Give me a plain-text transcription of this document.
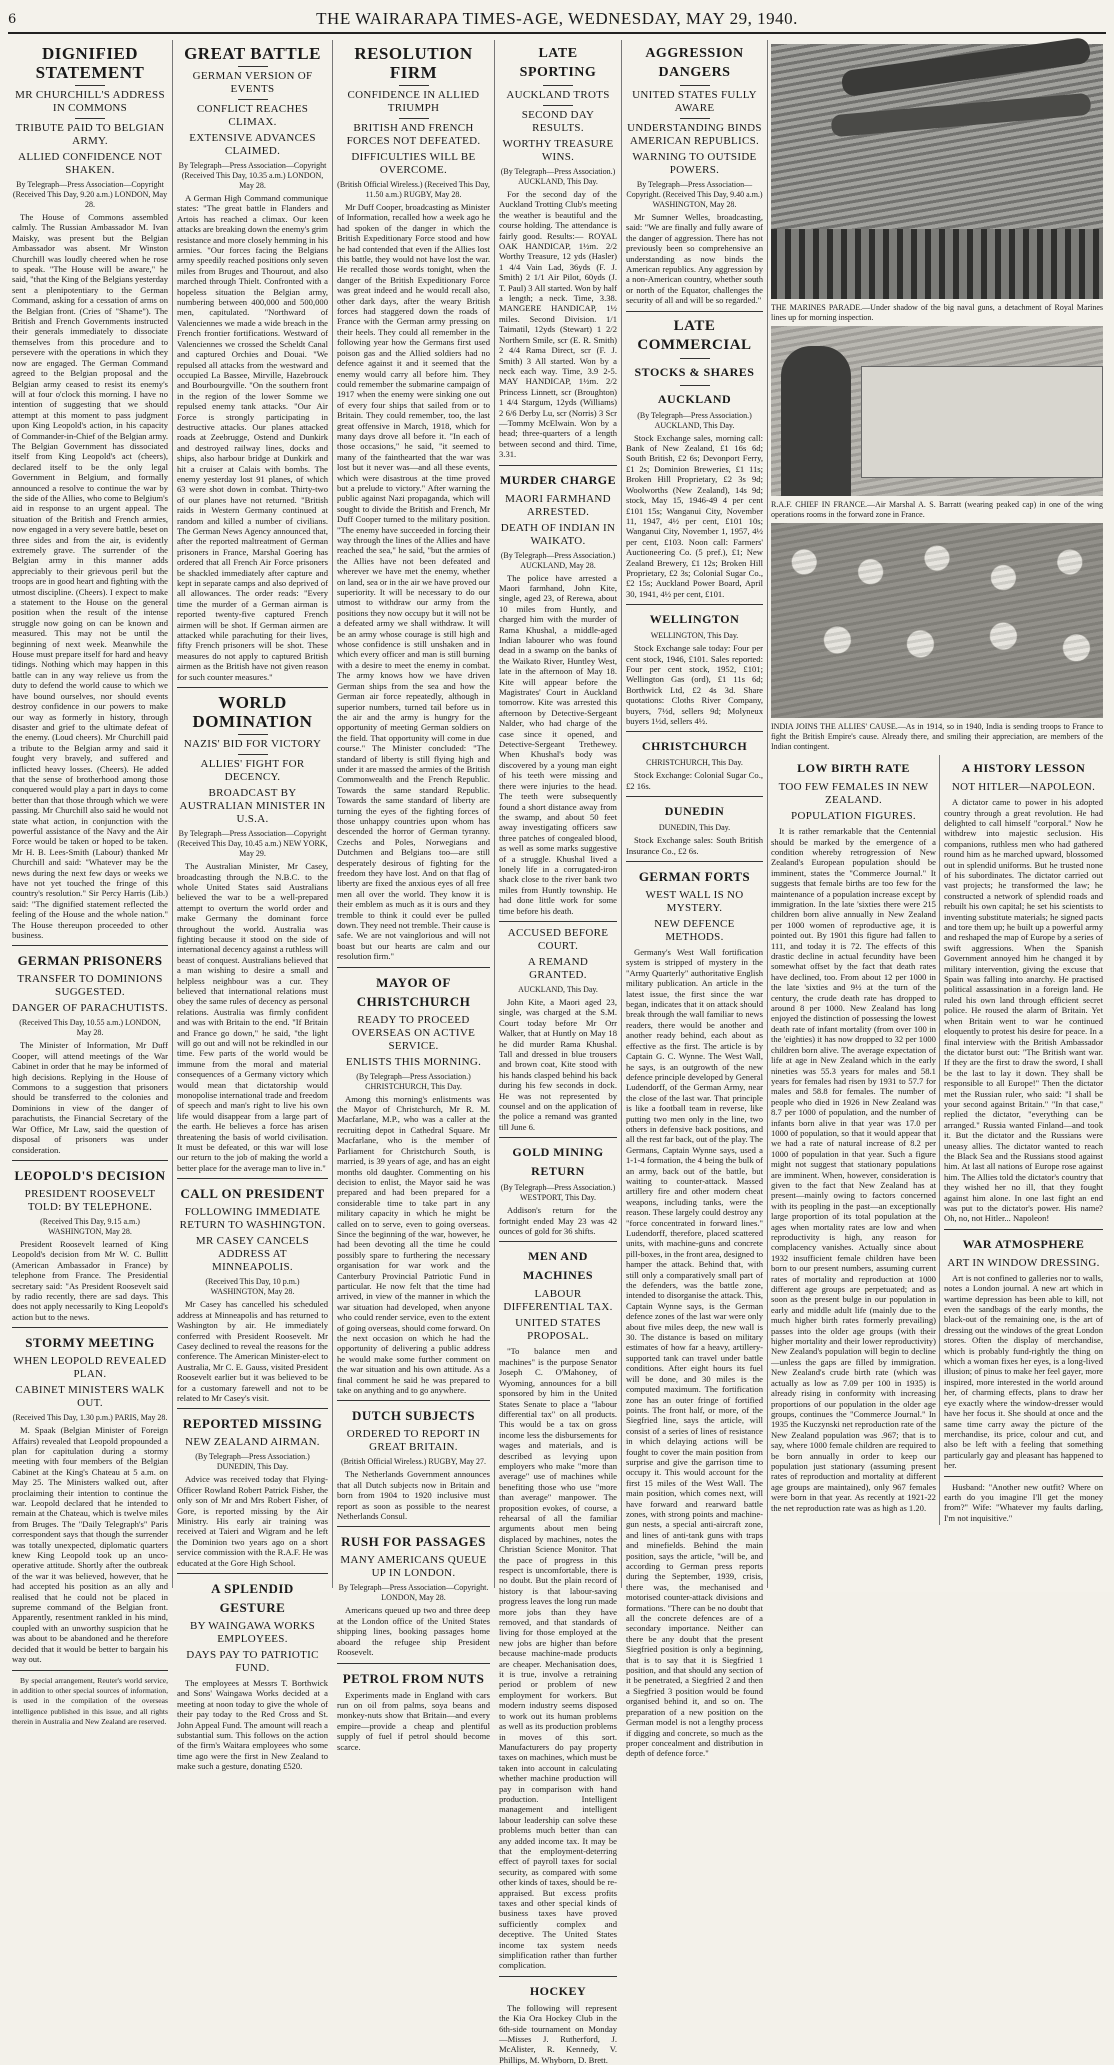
6	THE WAIRARAPA TIMES-AGE, WEDNESDAY, MAY 29, 1940.
DIGNIFIED STATEMENT
MR CHURCHILL'S ADDRESS IN COMMONS
TRIBUTE PAID TO BELGIAN ARMY.
ALLIED CONFIDENCE NOT SHAKEN.
By Telegraph—Press Association—Copyright (Received This Day, 9.20 a.m.) LONDON, May 28.

The House of Commons assembled calmly. The Russian Ambassador M. Ivan Maisky, was present but the Belgian Ambassador was absent. Mr Winston Churchill was loudly cheered when he rose to speak. "The House will be aware," he said, "that the King of the Belgians yesterday sent a plenipotentiary to the German Command, asking for a cessation of arms on the Belgian front. (Cries of "Shame"). The British and French Governments instructed their generals immediately to dissociate themselves from this procedure and to persevere with the operations in which they now are engaged. The German Command agreed to the Belgian proposal and the Belgian army ceased to resist its enemy's will at four o'clock this morning. I have no intention of suggesting that we should attempt at this moment to pass judgment upon King Leopold's action, in his capacity of Commander-in-Chief of the Belgian army. The Belgian Government has dissociated itself from King Leopold's act (cheers), declared itself to be the only legal Government in Belgium, and formally announced a resolve to continue the war by the side of the Allies, who come to Belgium's aid in response to an urgent appeal. The situation of the British and French armies, now engaged in a very severe battle, beset on three sides and from the air, is evidently extremely grave. The surrender of the Belgian army in this manner adds appreciably to their grievous peril but the troops are in good heart and fighting with the utmost discipline. (Cheers). I expect to make a statement to the House on the general position when the result of the intense struggle now going on can be known and measured. This may not be until the beginning of next week. Meanwhile the House must prepare itself for hard and heavy tidings. Nothing which may happen in this battle can in any way relieve us from the duty to defend the world cause to which we have bound ourselves, nor should events destroy confidence in our powers to make our way as formerly in history, through disaster and grief to the ultimate defeat of the enemy. (Loud cheers). Mr Churchill paid a tribute to the Belgian army and said it fought very bravely, and suffered and inflicted heavy losses. (Cheers). He added that the sense of brotherhood among those conquered would play a part in days to come better than that those through which we were passing. Mr Churchill also said he would not state what action, in conjunction with the powerful assistance of the Navy and the Air Force would be taken or hoped to be taken. Mr H. B. Lees-Smith (Labour) thanked Mr Churchill and said: "Whatever may be the news during the next few days or weeks we have not yet touched the fringe of this country's resolution." Sir Percy Harris (Lib.) said: "The dignified statement reflected the feeling of the House and the whole nation." The House thereupon proceeded to other business.

GERMAN PRISONERS
TRANSFER TO DOMINIONS SUGGESTED.
DANGER OF PARACHUTISTS.
(Received This Day, 10.55 a.m.) LONDON, May 28.

The Minister of Information, Mr Duff Cooper, will attend meetings of the War Cabinet in order that he may be informed of high decisions. Replying in the House of Commons to a suggestion that prisoners should be transferred to the colonies and Dominions in view of the danger of parachutists, the Financial Secretary of the War Office, Mr Law, said the question of disposal of prisoners was under consideration.

LEOPOLD'S DECISION
PRESIDENT ROOSEVELT TOLD: BY TELEPHONE.
(Received This Day, 9.15 a.m.) WASHINGTON, May 28.

President Roosevelt learned of King Leopold's decision from Mr W. C. Bullitt (American Ambassador in France) by telephone from France. The Presidential secretary said: "As President Roosevelt said by radio recently, there are sad days. This does not apply necessarily to King Leopold's action but to the news.

STORMY MEETING
WHEN LEOPOLD REVEALED PLAN.
CABINET MINISTERS WALK OUT.
(Received This Day, 1.30 p.m.) PARIS, May 28.

M. Spaak (Belgian Minister of Foreign Affairs) revealed that Leopold propounded a plan for capitulation during a stormy meeting with four members of the Belgian Cabinet at the King's Chateau at 5 a.m. on May 25. The Ministers walked out, after proclaiming their intention to continue the war. Leopold declared that he intended to remain at the Chateau, which is twelve miles from Bruges. The "Daily Telegraph's" Paris correspondent says that though the surrender was totally unexpected, diplomatic quarters knew King Leopold took up an unco-operative attitude. Shortly after the outbreak of the war it was believed, however, that he had accepted his position as an ally and realised that he could not be placed in supreme command of the Belgian front. Apparently, resentment rankled in his mind, coupled with an unworthy suspicion that he was about to be abandoned and he therefore decided that it would be better to bargain his way out.

By special arrangement, Reuter's world service, in addition to other special sources of information, is used in the compilation of the overseas intelligence published in this issue, and all rights therein in Australia and New Zealand are reserved.

GREAT BATTLE
GERMAN VERSION OF EVENTS
CONFLICT REACHES CLIMAX.
EXTENSIVE ADVANCES CLAIMED.
By Telegraph—Press Association—Copyright (Received This Day, 10.35 a.m.) LONDON, May 28.

A German High Command communique states: "The great battle in Flanders and Artois has reached a climax. Our keen attacks are breaking down the enemy's grim resistance and more closely hemming in his armies. "Our forces facing the Belgians army speedily reached positions only seven miles from Bruges and Thourout, and also marched through Thielt. Confronted with a hopeless situation the Belgian army, numbering between 400,000 and 500,000 men, capitulated. "Northward of Valenciennes we made a wide breach in the French frontier fortifications. Westward of Valenciennes we crossed the Scheldt Canal and captured Orchies and Douai. "We repulsed all attacks from the westward and occupied La Bassee, Mirville, Hazebrouck and Bourbourgville. "On the southern front in the region of the lower Somme we repulsed enemy tank attacks. "Our Air Force is strongly participating in destructive attacks. Our planes attacked roads at Zeebrugge, Ostend and Dunkirk and destroyed railway lines, docks and ships, also harbour bridge at Dunkirk and hit a cruiser at Calais with bombs. The enemy yesterday lost 91 planes, of which 63 were shot down in combat. Thirty-two of our planes have not returned. "British raids in Western Germany continued at random and killed a number of civilians. The German News Agency announced that, after the reported maltreatment of German prisoners in France, Marshal Goering has ordered that all French Air Force prisoners be shackled immediately after capture and kept in separate camps and also deprived of all allowances. The order reads: "Every time the murder of a German airman is reported twenty-five captured French airmen will be shot. If German airmen are attacked while parachuting for their lives, fifty French prisoners will be shot. These measures do not apply to captured British airmen as the British have not given reason for such counter measures."

WORLD DOMINATION
NAZIS' BID FOR VICTORY
ALLIES' FIGHT FOR DECENCY.
BROADCAST BY AUSTRALIAN MINISTER IN U.S.A.
By Telegraph—Press Association—Copyright (Received This Day, 10.45 a.m.) NEW YORK, May 29.

The Australian Minister, Mr Casey, broadcasting through the N.B.C. to the whole United States said Australians believed the war to be a well-prepared attempt to overturn the world order and make Germany the dominant force throughout the world. Australia was fighting because it stood on the side of international decency against a ruthless will beast of conquest. Australians believed that a man wishing to desire a small and helpless neighbour was a cur. They believed that international relations must obey the same rules of decency as personal relations. Australia was firmly confident and was with Britain to the end. "If Britain and France go down," he said, "the light will go out and will not be rekindled in our time. Few parts of the world would be immune from the moral and material consequences of a Germany victory which would mean that dictatorship would monopolise international trade and freedom of speech and man's right to live his own life would disappear from a large part of the earth. He believes a force has arisen threatening the basis of world civilisation. It must be defeated, or this war will lose our return to the job of making the world a better place for the average man to live in."

CALL ON PRESIDENT
FOLLOWING IMMEDIATE RETURN TO WASHINGTON.
MR CASEY CANCELS ADDRESS AT MINNEAPOLIS.
(Received This Day, 10 p.m.) WASHINGTON, May 28.

Mr Casey has cancelled his scheduled address at Minneapolis and has returned to Washington by air. He immediately conferred with President Roosevelt. Mr Casey declined to reveal the reasons for the conference. The American Minister-elect to Australia, Mr C. E. Gauss, visited President Roosevelt earlier but it was believed to be for a customary farewell and not to be related to Mr Casey's visit.

REPORTED MISSING
NEW ZEALAND AIRMAN.
(By Telegraph—Press Association.) DUNEDIN, This Day.

Advice was received today that Flying-Officer Rowland Robert Patrick Fisher, the only son of Mr and Mrs Robert Fisher, of Gore, is reported missing by the Air Ministry. His early air training was received at Taieri and Wigram and he left the Dominion two years ago on a short service commission with the R.A.F. He was educated at the Gore High School.

A SPLENDID GESTURE
BY WAINGAWA WORKS EMPLOYEES.
DAYS PAY TO PATRIOTIC FUND.

The employees at Messrs T. Borthwick and Sons' Waingawa Works decided at a meeting at noon today to give the whole of their pay today to the Red Cross and St. John Appeal Fund. The amount will reach a substantial sum. This follows on the action of the firm's Waitara employees who some time ago were the first in New Zealand to make such a gesture, donating £520.

RESOLUTION FIRM
CONFIDENCE IN ALLIED TRIUMPH
BRITISH AND FRENCH FORCES NOT DEFEATED.
DIFFICULTIES WILL BE OVERCOME.
(British Official Wireless.) (Received This Day, 11.50 a.m.) RUGBY, May 28.

Mr Duff Cooper, broadcasting as Minister of Information, recalled how a week ago he had spoken of the danger in which the British Expeditionary Force stood and how he had contended that even if the Allies lost this battle, they would not have lost the war. He recalled those words tonight, when the danger of the British Expeditionary Force was great indeed and he would recall also, other dark days, after the weary British forces had staggered down the roads of France with the German army pressing on their heels. They could all remember in the following year how the Germans first used poison gas and the Allied soldiers had no defence against it and it seemed that the enemy would carry all before him. They could remember the submarine campaign of 1917 when the enemy were sinking one out of every four ships that sailed from or to Britain. They could remember, too, the last great offensive in March, 1918, which for many days drove all before it. "In each of those occasions," he said, "it seemed to many of the fainthearted that the war was lost but it never was—and all these events, which were disastrous at the time proved but a prelude to victory." After warning the public against Nazi propaganda, which will sought to divide the British and French, Mr Duff Cooper turned to the military position. "The enemy have succeeded in forcing their way through the lines of the Allies and have reached the sea," he said, "but the armies of the Allies have not been defeated and wherever we have met the enemy, whether on land, sea or in the air we have proved our superiority. It will be necessary to do our utmost to withdraw our army from the positions they now occupy but it will not be a defeated army we shall withdraw. It will be an army whose courage is still high and whose confidence is still unshaken and in which every officer and man is still burning with a desire to meet the enemy in combat. The army knows how we have driven German ships from the sea and how the German air force repeatedly, although in superior numbers, turned tail before us in the air and the army is hungry for the opportunity of meeting German soldiers on the field. That opportunity will come in due course." The Minister concluded: "The standard of liberty is still flying high and under it are massed the armies of the British Commonwealth and the French Republic. Towards the same standard Republic. Towards the same standard of liberty are turning the eyes of the fighting forces of those unhappy countries upon whom has descended the horror of German tyranny. Czechs and Poles, Norwegians and Dutchmen and Belgians too—are still desperately desirous of fighting for the freedom they have lost. And on that flag of liberty are fixed the anxious eyes of all free men all over the world. They know it is their emblem as much as it is ours and they tremble to think it could ever be pulled down. They need not tremble. Their cause is safe. We are not vainglorious and will not boast but our hearts are calm and our resolution firm."

MAYOR OF CHRISTCHURCH
READY TO PROCEED OVERSEAS ON ACTIVE SERVICE.
ENLISTS THIS MORNING.
(By Telegraph—Press Association.) CHRISTCHURCH, This Day.

Among this morning's enlistments was the Mayor of Christchurch, Mr R. M. Macfarlane, M.P., who was a caller at the recruiting depot in Cathedral Square. Mr Macfarlane, who is the member of Parliament for Christchurch South, is married, is 39 years of age, and has an eight months old daughter. Commenting on his decision to enlist, the Mayor said he was prepared and had been prepared for a considerable time to take part in any military capacity in which he might be called on to serve, even to going overseas. Since the beginning of the war, however, he had been devoting all the time he could possibly spare to furthering the necessary organisation for war work and the Canterbury Provincial Patriotic Fund in particular. He now felt that the time had arrived, in view of the manner in which the war situation had developed, when anyone who could render service, even to the extent of going overseas, should come forward. On the next occasion on which he had the opportunity of delivering a public address he would make some further comment on the war situation and his own attitude. As a final comment he said he was prepared to take on anything and to go anywhere.

DUTCH SUBJECTS
ORDERED TO REPORT IN GREAT BRITAIN.
(British Official Wireless.) RUGBY, May 27.

The Netherlands Government announces that all Dutch subjects now in Britain and born from 1904 to 1920 inclusive must report as soon as possible to the nearest Netherlands Consul.

RUSH FOR PASSAGES
MANY AMERICANS QUEUE UP IN LONDON.
By Telegraph—Press Association—Copyright. LONDON, May 28.

Americans queued up two and three deep at the London office of the United States shipping lines, booking passages home aboard the refugee ship President Roosevelt.

PETROL FROM NUTS

Experiments made in England with cars run on oil from palms, soya beans and monkey-nuts show that Britain—and every empire—provide a cheap and plentiful supply of fuel if petrol should become scarce.

LATE SPORTING
AUCKLAND TROTS
SECOND DAY RESULTS.
WORTHY TREASURE WINS.
(By Telegraph—Press Association.) AUCKLAND, This Day.

For the second day of the Auckland Trotting Club's meeting the weather is beautiful and the course holding. The attendance is fairly good. Results:— ROYAL OAK HANDICAP, 1½m. 2/2 Worthy Treasure, 12 yds (Hasler) 1 4/4 Vain Lad, 36yds (F. J. Smith) 2 1/1 Air Pilot, 60yds (J. T. Paul) 3 All started. Won by half a length; a neck. Time, 3.38. MANGERE HANDICAP, 1½ miles. Second Division. 1/1 Taimatil, 12yds (Stewart) 1 2/2 Northern Smile, scr (E. R. Smith) 2 4/4 Rama Direct, scr (F. J. Smith) 3 All started. Won by a neck each way. Time, 3.9 2-5. MAY HANDICAP, 1½m. 2/2 Princess Linnett, scr (Broughton) 1 4/4 Stargum, 12yds (Williams) 2 6/6 Derby Lu, scr (Norris) 3 Scr—Tommy McElwain. Won by a head; three-quarters of a length between second and third. Time, 3.31.

MURDER CHARGE
MAORI FARMHAND ARRESTED.
DEATH OF INDIAN IN WAIKATO.
(By Telegraph—Press Association.) AUCKLAND, May 28.

The police have arrested a Maori farmhand, John Kite, single, aged 23, of Rerewa, about 10 miles from Huntly, and charged him with the murder of Rama Khushal, a middle-aged Indian labourer who was found dead in a swamp on the banks of the Waikato River, Huntley West, late in the afternoon of May 18. Kite will appear before the Magistrates' Court in Auckland tomorrow. Kite was arrested this afternoon by Detective-Sergeant Nalder, who had charge of the case since it opened, and Detective-Sergeant Trethewey. When Khushal's body was discovered by a young man eight of his teeth were missing and there were injuries to the head. The teeth were subsequently found a short distance away from the swamp, and about 50 feet away investigating officers saw three patches of congealed blood, as well as some marks suggestive of a struggle. Khushal lived a lonely life in a corrugated-iron shack close to the river bank two miles from Huntly township. He had done little work for some time before his death.

ACCUSED BEFORE COURT.
A REMAND GRANTED.
AUCKLAND, This Day.

John Kite, a Maori aged 23, single, was charged at the S.M. Court today before Mr Orr Walker, that at Huntly on May 18 he did murder Rama Khushal. Tall and dressed in blue trousers and brown coat, Kite stood with his hands clasped behind his back during his few seconds in dock. He was not represented by counsel and on the application of the police a remand was granted till June 6.

GOLD MINING RETURN
(By Telegraph—Press Association.) WESTPORT, This Day.

Addison's return for the fortnight ended May 23 was 42 ounces of gold for 36 shifts.

MEN AND MACHINES
LABOUR DIFFERENTIAL TAX.
UNITED STATES PROPOSAL.

"To balance men and machines" is the purpose Senator Joseph C. O'Mahoney, of Wyoming, announces for a bill sponsored by him in the United States Senate to place a "labour differential tax" on all products. This would be a tax on gross income less the disbursements for wages and materials, and is described as levying upon employers who make "more than average" use of machines while benefiting those who use "more than average" manpower. The proposition evokes, of course, a rehearsal of all the familiar arguments about men being displaced by machines, notes the Christian Science Monitor. That the pace of progress in this respect is uncomfortable, there is no doubt. But the plain record of history is that labour-saving progress leaves the long run made more jobs than they have removed, and that standards of living for those employed at the new jobs are higher than before because machine-made products are cheaper. Mechanisation does, it is true, involve a retraining period or problem of new employment for workers. But modern industry seems disposed to work out its human problems as well as its production problems in moves of this sort. Manufacturers do pay property taxes on machines, which must be taken into account in calculating whether machine production will pay in comparison with hand production. Intelligent management and intelligent labour leadership can solve these problems much better than can any added income tax. It may be that the employment-deterring effect of payroll taxes for social security, as compared with some other kinds of taxes, should be re-appraised. But excess profits taxes and other special kinds of business taxes have proved sufficiently complex and deceptive. The United States income tax system needs simplification rather than further complication.

HOCKEY

The following will represent the Kia Ora Hockey Club in the 6th-side tournament on Monday—Misses J. Rutherford, J. McAlister, R. Kennedy, V. Phillips, M. Whyborn, D. Brett.

AGGRESSION DANGERS
UNITED STATES FULLY AWARE
UNDERSTANDING BINDS AMERICAN REPUBLICS.
WARNING TO OUTSIDE POWERS.
By Telegraph—Press Association—Copyright. (Received This Day, 9.40 a.m.) WASHINGTON, May 28.

Mr Sumner Welles, broadcasting, said: "We are finally and fully aware of the danger of aggression. There has not previously been so comprehensive an understanding as now binds the American republics. Any aggression by a non-American country, whether south or north of the Equator, challenges the security of all and will be so regarded."

LATE COMMERCIAL
STOCKS & SHARES
AUCKLAND
(By Telegraph—Press Association.) AUCKLAND, This Day.

Stock Exchange sales, morning call: Bank of New Zealand, £1 16s 6d; South British, £2 6s; Devonport Ferry, £1 2s; Dominion Breweries, £1 11s; Broken Hill Proprietary, £2 3s 9d; Woolworths (New Zealand), 14s 9d; stock, May 15, 1946-49 4 per cent £101 15s; Wanganui City, November 11, 1947, 4½ per cent, £101 10s; Wanganui City, November 1, 1957, 4½ per cent, £103. Noon call: Farmers' Auctioneering Co. (5 pref.), £1; New Zealand Brewery, £1 12s; Broken Hill Proprietary, £2 3s; Colonial Sugar Co., £2 15s; Auckland Power Board, April 30, 1941, 4½ per cent, £101.

WELLINGTON
WELLINGTON, This Day.

Stock Exchange sale today: Four per cent stock, 1946, £101. Sales reported: Four per cent stock, 1952, £101; Wellington Gas (ord), £1 11s 6d; Borthwick Ltd, £2 4s 3d. Share quotations: Cloths River Company, buyers, 7½d, sellers 9d; Molyneux buyers 1½d, sellers 4½.

CHRISTCHURCH
CHRISTCHURCH, This Day.

Stock Exchange: Colonial Sugar Co., £2 16s.

DUNEDIN
DUNEDIN, This Day.

Stock Exchange sales: South British Insurance Co., £2 6s.

GERMAN FORTS
WEST WALL IS NO MYSTERY.
NEW DEFENCE METHODS.

Germany's West Wall fortification system is stripped of mystery in the "Army Quarterly" authoritative English military publication. An article in the latest issue, the first since the war began, indicates that it on attack should break through the wall familiar to news readers, there would be another and another ready behind, each about as effective as the first. The article is by Captain G. C. Wynne. The West Wall, he says, is an outgrowth of the new defence principle developed by General Ludendorff, of the German Army, near the close of the last war. That principle is like a football team in reverse, like putting two men only in the line, two others in defensive back positions, and all the rest far back, out of the play. The Germans, Captain Wynne says, used a 1-1-4 formation, the 4 being the bulk of an army, back out of the battle, but waiting to counter-attack. Massed artillery fire and other modern cheat weapons, including tanks, were the reason. These largely could destroy any "force concentrated in forward lines." Ludendorff, therefore, placed scattered units, with machine-guns and concrete pill-boxes, in the front area, designed to hamper the attack. Behind that, with still only a comparatively small part of the defenders, was the battle zone, intended to disorganise the attack. This, Captain Wynne says, is the German defence zones of the last war were only about five miles deep, the new wall is 30. The distance is based on military estimates of how far a heavy, artillery-supported tank can travel under battle conditions. After eight hours its fuel will be done, and 30 miles is the computed maximum. The fortification zone has an outer fringe of fortified points. The front half, or more, of the Siegfried line, says the article, will consist of a series of lines of resistance in which delaying actions will be fought to cover the main position from surprise and give the garrison time to occupy it. This would account for the first 15 miles of the West Wall. The main position, which comes next, will have forward and rearward battle zones, with strong points and machine-gun nests, a special anti-aircraft zone, and lines of anti-tank guns with traps and minefields. Behind the main position, says the article, "will be, and according to German press reports during the September, 1939, crisis, there was, the mechanised and motorised counter-attack divisions and formations. "There can be no doubt that all the concrete defences are of a secondary importance. Neither can there be any doubt that the present Siegfried position is only a beginning, that is to say that it is Siegfried 1 position, and that should any section of it be penetrated, a Siegfried 2 and then a Siegfried 3 position would be found organised behind it, and so on. The preparation of a new position on the German model is not a lengthy process if digging and concrete, so much as the proper concealment and distribution in depth of defence force."

THE MARINES PARADE.—Under shadow of the big naval guns, a detachment of Royal Marines lines up for morning inspection.
R.A.F. CHIEF IN FRANCE.—Air Marshal A. S. Barratt (wearing peaked cap) in one of the wing operations rooms in the forward zone in France.
INDIA JOINS THE ALLIES' CAUSE.—As in 1914, so in 1940, India is sending troops to France to fight the British Empire's cause. Already there, and smiling their appreciation, are members of the Indian contingent.
LOW BIRTH RATE
TOO FEW FEMALES IN NEW ZEALAND.
POPULATION FIGURES.

It is rather remarkable that the Centennial should be marked by the emergence of a condition whereby retrogression of New Zealand's European population should be imminent, states the "Commerce Journal." It suggests that female births are too few for the maintenance of a population increase except by immigration. In the late 'sixties there were 215 children born alive annually in New Zealand per 1000 women of reproductive age, it is pointed out. By 1901 this figure had fallen to 111, and today it is 72. The effects of this drastic decline in actual fecundity have been somewhat offset by the fact that death rates have declined, too. From about 12 per 1000 in the late 'sixties and 9½ at the turn of the century, the crude death rate has dropped to around 8 per 1000. New Zealand has long enjoyed the distinction of possessing the lowest death rate of infant mortality (from over 100 in the 'eighties) it has now dropped to 32 per 1000 children born alive. The average expectation of life at age in New Zealand which in the early nineties was 55.3 years for males and 58.1 years for females had risen by 1931 to 57.7 for males and 58.8 for females. The number of people who died in 1926 in New Zealand was 8.7 per 1000 of population, and the number of infants born alive in that year was 17.0 per 1000 of population, so that it would appear that we had a rate of natural increase of 8.2 per 1000 of population in that year. Such a figure might not suggest that stationary populations are imminent. When, however, consideration is given to the fact that New Zealand has at present—mainly owing to factors concerned with its peopling in the past—an exceptionally large proportion of its total population at the ages when mortality rates are low and when reproductivity is high, any reason for complacency vanishes. Actually since about 1932 insufficient female children have been born to our present numbers, assuming current rates of mortality and reproduction at 1000 different age groups are perpetuated; and as soon as the present bulge in our population in early and middle adult life (mainly due to the much higher birth rates formerly prevailing) passes into the older age groups (with their higher mortality and their lower reproductivity) New Zealand's population will begin to decline—unless the gaps are filled by immigration. New Zealand's crude birth rate (which was actually as low as 7.09 per 100 in 1935) is already rising in conformity with increasing proportions of our population in the older age groups, continues the "Commerce Journal." In 1935 the Kuczynski net reproduction rate of the New Zealand population was .967; that is to say, where 1000 female children are required to be born annually in order to keep our population just stationary (assuming present rates of reproduction and mortality at different age groups are maintained), only 967 females were born in that year. As recently at 1921-22 the net reproduction rate was as high as 1.20.

A HISTORY LESSON
NOT HITLER—NAPOLEON.

A dictator came to power in his adopted country through a great revolution. He had delighted to call himself "corporal." Now he withdrew into majestic seclusion. His companions, ruthless men who had gathered round him as he marched upward, blossomed out in splendid uniforms. But he trusted none of his subordinates. The dictator carried out vast projects; he transformed the law; he constructed a network of splendid roads and rebuilt his own capital; he set his scientists to inventing substitute materials; he signed pacts and tore them up; he built up a powerful army and reshaped the map of Europe by a series of swift aggressions. When the Spanish Government annoyed him he changed it by military intervention, giving the excuse that Spain was falling into anarchy. He practised political assassination in a foreign land. He ruled his own land through efficient secret police. He roused the alarm of Britain. Yet when Britain went to war he continued eloquently to protest his desire for peace. In a final interview with the British Ambassador the dictator burst out: "The British want war. If they are the first to draw the sword, I shall be the last to lay it down. They shall be responsible to all Europe!" Then the dictator met the Russian ruler, who said: "I shall be your second against Britain." "In that case," replied the dictator, "everything can be arranged." Russia wanted Finland—and took it. But the dictator and the Russians were uneasy allies. The dictator wanted to reach the Black Sea and the Russians stood against him. At last all nations of Europe rose against him. The Allies told the dictator's country that they wished her no ill, that they fought against him alone. In one last fight an end was put to the dictator's power. His name? Oh, no, not Hitler... Napoleon!

WAR ATMOSPHERE
ART IN WINDOW DRESSING.

Art is not confined to galleries nor to walls, notes a London journal. A new art which in wartime depression has been able to kill, not even the sandbags of the early months, the black-out of the remaining one, is the art of dressing out the windows of the great London stores. Often the display of merchandise, which is probably fund-rightly the thing on which a woman fixes her eyes, is a long-lived illusion; of pinus to make her feel gayer, more inspired, more interested in the world around her, of charming effects, plans to draw her eye exactly where the window-dresser would have her focus it. She should at once and the same time carry away the picture of the merchandise, its price, colour and cut, and also be left with a feeling that something particularly gay and pleasant has happened to her.

Husband: "Another new outfit? Where on earth do you imagine I'll get the money from?" Wife: "Whatever my faults darling, I'm not inquisitive."
